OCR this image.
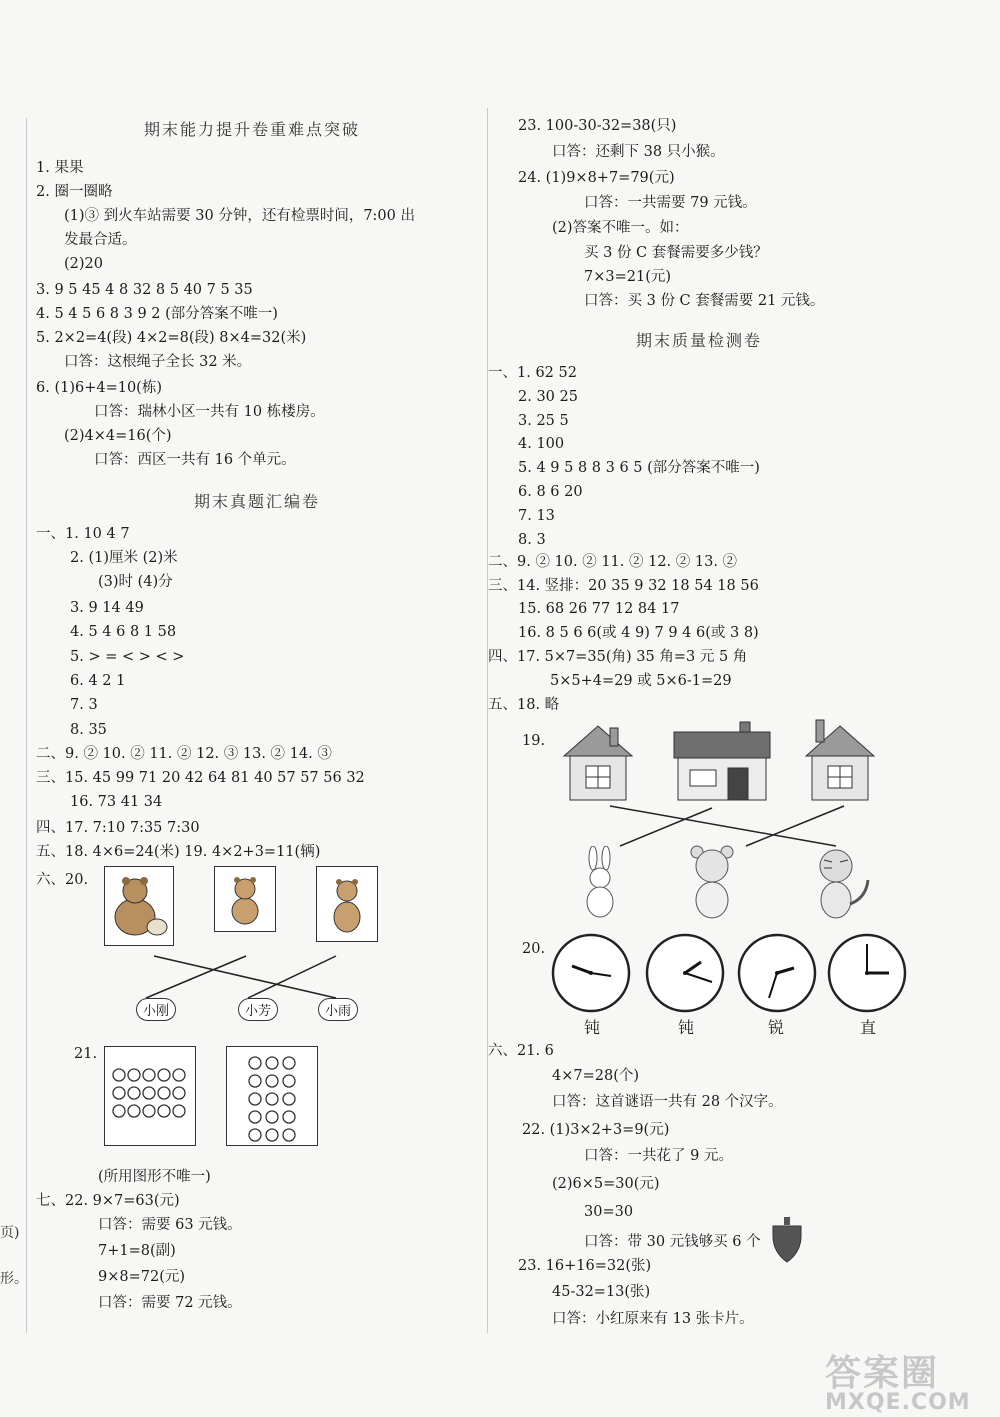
页)
形。
期末能力提升卷重难点突破
1. 果果
2. 圈一圈略
(1)③ 到火车站需要 30 分钟，还有检票时间，7:00 出
发最合适。
(2)20
3. 9 5 45 4 8 32 8 5 40 7 5 35
4. 5 4 5 6 8 3 9 2 (部分答案不唯一)
5. 2×2=4(段) 4×2=8(段) 8×4=32(米)
口答：这根绳子全长 32 米。
6. (1)6+4=10(栋)
口答：瑞林小区一共有 10 栋楼房。
(2)4×4=16(个)
口答：西区一共有 16 个单元。
期末真题汇编卷
一、1. 10 4 7
2. (1)厘米 (2)米
(3)时 (4)分
3. 9 14 49
4. 5 4 6 8 1 58
5. > = < > < >
6. 4 2 1
7. 3
8. 35
二、9. ② 10. ② 11. ② 12. ③ 13. ② 14. ③
三、15. 45 99 71 20 42 64 81 40 57 57 56 32
16. 73 41 34
四、17. 7:10 7:35 7:30
五、18. 4×6=24(米) 19. 4×2+3=11(辆)
六、20.
小刚	小芳	小雨
21.
(所用图形不唯一)
七、22. 9×7=63(元)
口答：需要 63 元钱。
7+1=8(副)
9×8=72(元)
口答：需要 72 元钱。
23. 100-30-32=38(只)
口答：还剩下 38 只小猴。
24. (1)9×8+7=79(元)
口答：一共需要 79 元钱。
(2)答案不唯一。如：
买 3 份 C 套餐需要多少钱？
7×3=21(元)
口答：买 3 份 C 套餐需要 21 元钱。
期末质量检测卷
一、1. 62 52
2. 30 25
3. 25 5
4. 100
5. 4 9 5 8 8 3 6 5 (部分答案不唯一)
6. 8 6 20
7. 13
8. 3
二、9. ② 10. ② 11. ② 12. ② 13. ②
三、14. 竖排：20 35 9 32 18 54 18 56
15. 68 26 77 12 84 17
16. 8 5 6 6(或 4 9) 7 9 4 6(或 3 8)
四、17. 5×7=35(角) 35 角=3 元 5 角
5×5+4=29 或 5×6-1=29
五、18. 略
19.
20.
钝	钝	锐	直
六、21. 6
4×7=28(个)
口答：这首谜语一共有 28 个汉字。
22. (1)3×2+3=9(元)
口答：一共花了 9 元。
(2)6×5=30(元)
30=30
口答：带 30 元钱够买 6 个
23. 16+16=32(张)
45-32=13(张)
口答：小红原来有 13 张卡片。
答案圈
MXQE.COM
